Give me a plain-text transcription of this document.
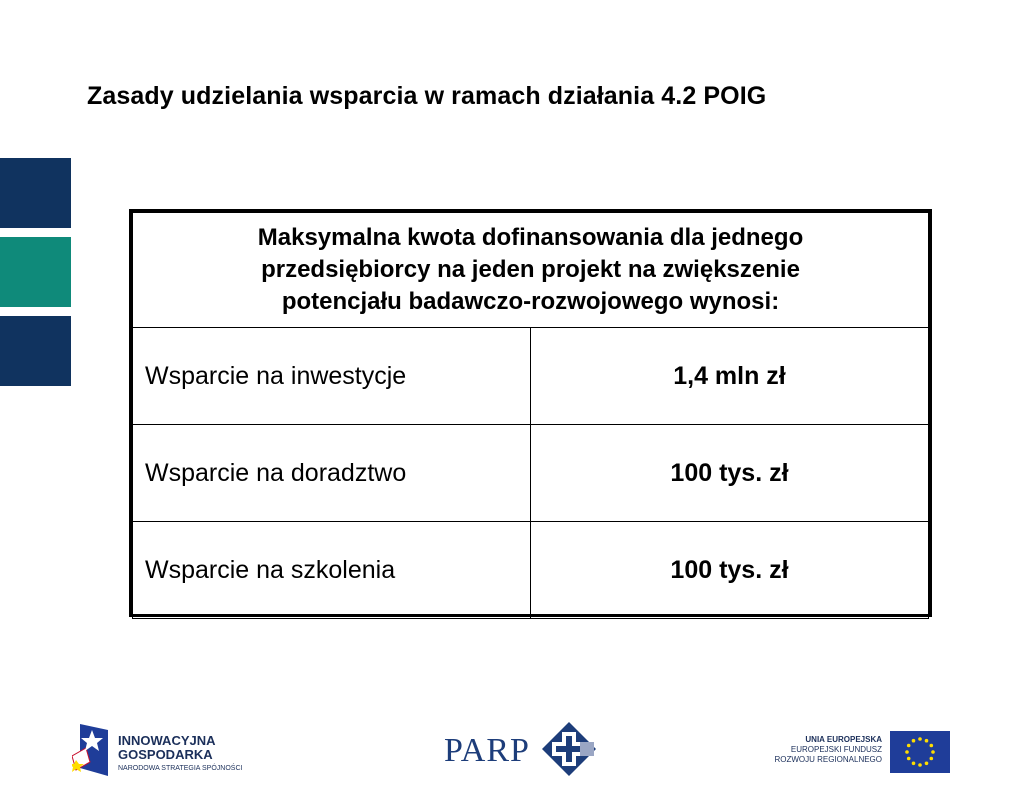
Zasady udzielania wsparcia w ramach działania 4.2 POIG
Maksymalna kwota dofinansowania dla jednego
przedsiębiorcy na jeden projekt na zwiększenie
potencjału badawczo-rozwojowego wynosi:	

Wsparcie na inwestycje	1,4 mln zł
Wsparcie na doradztwo	100 tys. zł
Wsparcie na szkolenia	100 tys. zł
INNOWACYJNA
GOSPODARKA
NARODOWA STRATEGIA SPÓJNOŚCI	PARP	UNIA EUROPEJSKA
EUROPEJSKI FUNDUSZ
ROZWOJU REGIONALNEGO
